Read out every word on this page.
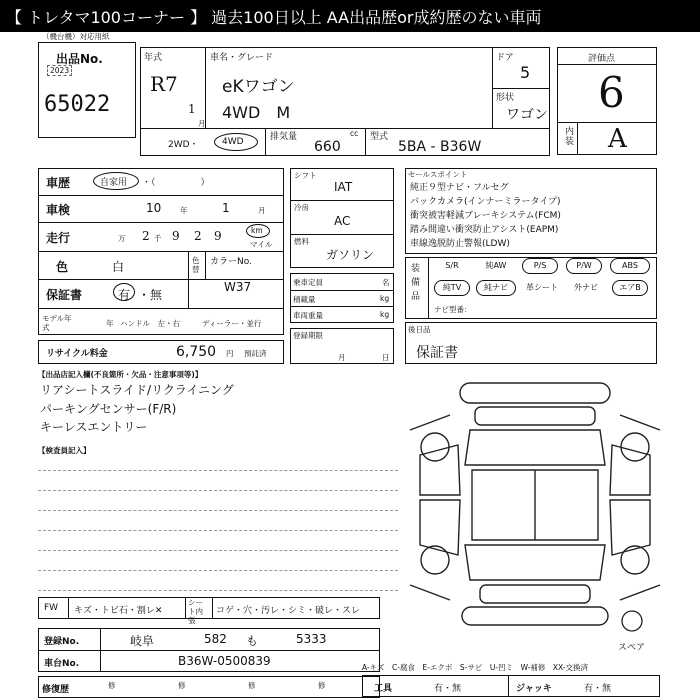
【 トレタマ100コーナー 】 過去100日以上 AA出品歴or成約歴のない車両
（機台機）対応用紙
出品No.
2023
65022
年式
R7
1
月
車名・グレード
eKワゴン
4WD　M
ドア
5
形状
ワゴン
2WD・	4WD	排気量	cc
660
型式
5BA - B36W
評価点
6
内装 A
車歴	自家用 ・（　　　　　）
車検	10 年	1	月
走行	万 2 千 9 2 9	km
マイル
色	白	色替
カラーNo.
W37
保証書	有 ・無
モデル年式	年 ハンドル　左・右	ディーラー・並行
リサイクル料金	6,750 円 預託済
シフト
IAT
冷房
AC
燃料
ガソリン
乗車定員	名
積載量	kg
車両重量	kg
登録期限
月	日
セールスポイント
純正９型ナビ・フルセグ
バックカメラ(インナーミラータイプ)
衝突被害軽減ブレーキシステム(FCM)
踏み間違い衝突防止アシスト(EAPM)
車線逸脱防止警報(LDW)
装備品
S/R	純AW	P/S	P/W	ABS
純TV	純ナビ	革シート	外ナビ	エアB
ナビ型番：
後日品
保証書
【出品店記入欄(不良箇所・欠品・注意事項等)】
リアシートスライド/リクライニング
パーキングセンサー(F/R)
キーレスエントリー
【検査員記入】
スペア
FW キズ・トビ石・割レ✕
シート内張
コゲ・穴・汚レ・シミ・破レ・スレ
登録No.	岐阜	582 も	5333
車台No.	B36W-0500839
修復歴	修	修	修	修
A-キズ　C-腐食　E-エクボ　S-サビ　U-凹ミ　W-補修　XX-交換済
工具	有・無	ジャッキ	有・無
